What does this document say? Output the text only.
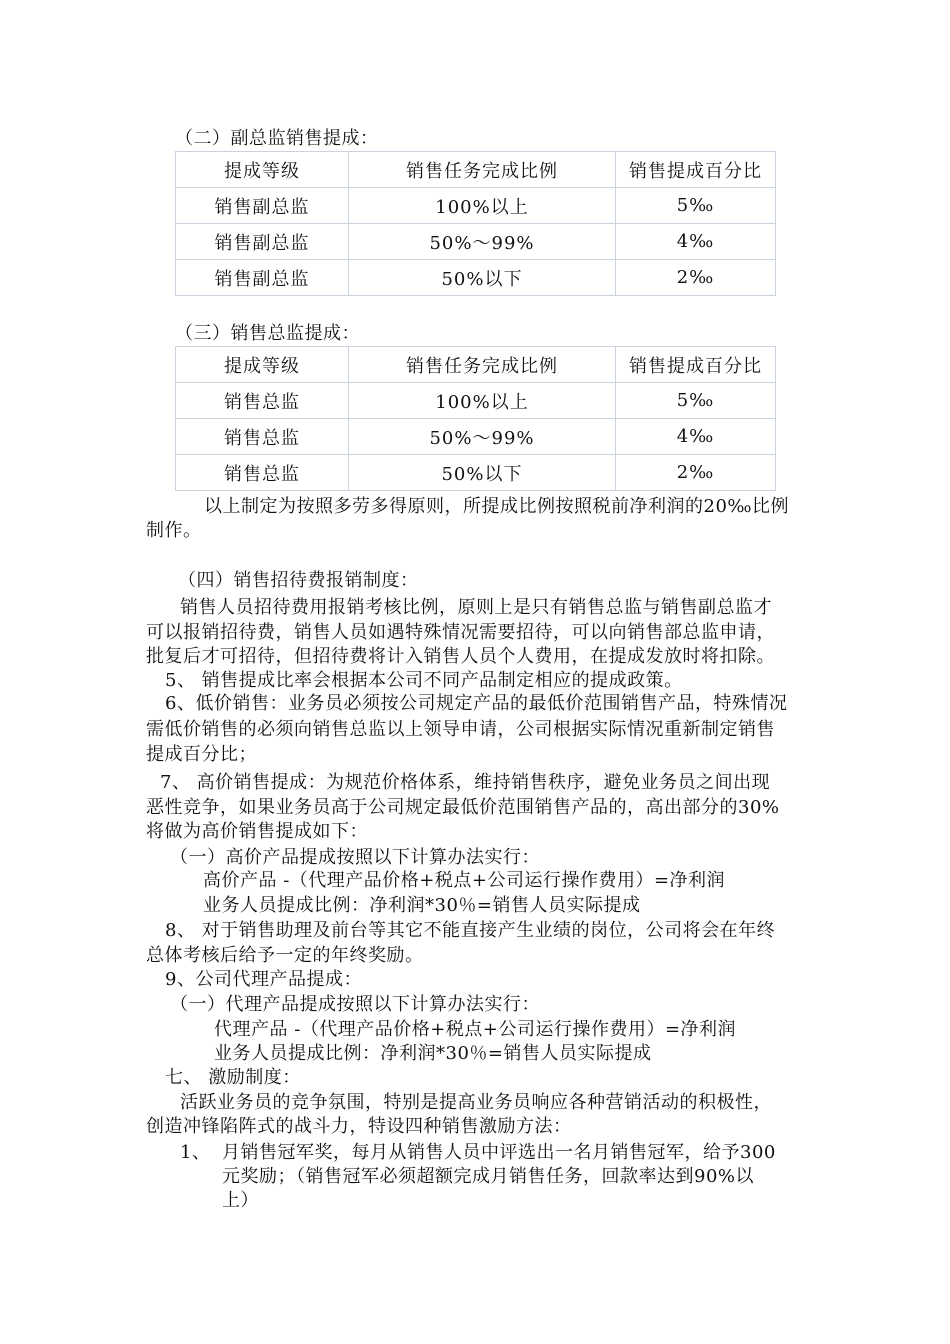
（二）副总监销售提成：
提成等级	销售任务完成比例	销售提成百分比
销售副总监	100%以上	5‰
销售副总监	50%～99%	4‰
销售副总监	50%以下	2‰
（三）销售总监提成：
提成等级	销售任务完成比例	销售提成百分比
销售总监	100%以上	5‰
销售总监	50%～99%	4‰
销售总监	50%以下	2‰
以上制定为按照多劳多得原则，所提成比例按照税前净利润的20‰比例
制作。
（四）销售招待费报销制度：
销售人员招待费用报销考核比例，原则上是只有销售总监与销售副总监才
可以报销招待费，销售人员如遇特殊情况需要招待，可以向销售部总监申请，
批复后才可招待，但招待费将计入销售人员个人费用，在提成发放时将扣除。
5、 销售提成比率会根据本公司不同产品制定相应的提成政策。
6、低价销售：业务员必须按公司规定产品的最低价范围销售产品，特殊情况
需低价销售的必须向销售总监以上领导申请，公司根据实际情况重新制定销售
提成百分比；
7、 高价销售提成：为规范价格体系，维持销售秩序，避免业务员之间出现
恶性竞争，如果业务员高于公司规定最低价范围销售产品的，高出部分的30%
将做为高价销售提成如下：
（一）高价产品提成按照以下计算办法实行：
高价产品 -（代理产品价格+税点+公司运行操作费用）=净利润
业务人员提成比例：净利润*30％=销售人员实际提成
8、 对于销售助理及前台等其它不能直接产生业绩的岗位，公司将会在年终
总体考核后给予一定的年终奖励。
9、公司代理产品提成：
（一）代理产品提成按照以下计算办法实行：
代理产品 -（代理产品价格+税点+公司运行操作费用）=净利润
业务人员提成比例：净利润*30％=销售人员实际提成
七、 激励制度：
活跃业务员的竞争氛围，特别是提高业务员响应各种营销活动的积极性，
创造冲锋陷阵式的战斗力，特设四种销售激励方法：
1、 月销售冠军奖，每月从销售人员中评选出一名月销售冠军，给予300
元奖励；（销售冠军必须超额完成月销售任务，回款率达到90%以
上）
